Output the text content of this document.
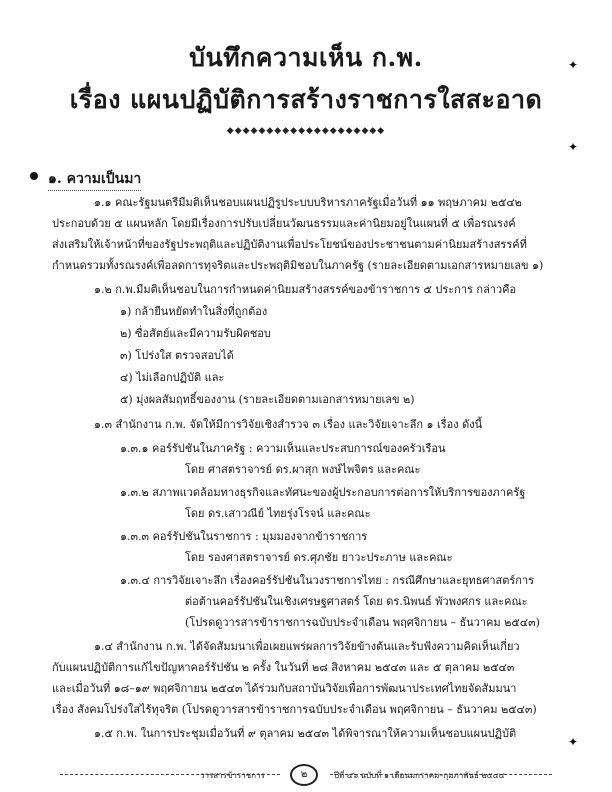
บันทึกความเห็น ก.พ.
เรื่อง แผนปฏิบัติการสร้างราชการใสสะอาด
◆◆◆◆◆◆◆◆◆◆◆◆◆◆◆◆◆◆◆◆
๑. ความเป็นมา
๑.๑ คณะรัฐมนตรีมีมติเห็นชอบแผนปฏิรูประบบบริหารภาครัฐเมื่อวันที่ ๑๑ พฤษภาคม ๒๕๔๒
ประกอบด้วย ๕ แผนหลัก โดยมีเรื่องการปรับเปลี่ยนวัฒนธรรมและค่านิยมอยู่ในแผนที่ ๕ เพื่อรณรงค์
ส่งเสริมให้เจ้าหน้าที่ของรัฐประพฤติและปฏิบัติงานเพื่อประโยชน์ของประชาชนตามค่านิยมสร้างสรรค์ที่
กำหนดรวมทั้งรณรงค์เพื่อลดการทุจริตและประพฤติมิชอบในภาครัฐ (รายละเอียดตามเอกสารหมายเลข ๑)
๑.๒ ก.พ.มีมติเห็นชอบในการกำหนดค่านิยมสร้างสรรค์ของข้าราชการ ๕ ประการ กล่าวคือ
๑) กล้ายืนหยัดทำในสิ่งที่ถูกต้อง
๒) ซื่อสัตย์และมีความรับผิดชอบ
๓) โปร่งใส ตรวจสอบได้
๔) ไม่เลือกปฏิบัติ และ
๕) มุ่งผลสัมฤทธิ์ของงาน (รายละเอียดตามเอกสารหมายเลข ๒)
๑.๓ สำนักงาน ก.พ. จัดให้มีการวิจัยเชิงสำรวจ ๓ เรื่อง และวิจัยเจาะลึก ๑ เรื่อง ดังนี้
๑.๓.๑ คอร์รัปชันในภาครัฐ : ความเห็นและประสบการณ์ของครัวเรือน
โดย ศาสตราจารย์ ดร.ผาสุก พงษ์ไพจิตร และคณะ
๑.๓.๒ สภาพแวดล้อมทางธุรกิจและทัศนะของผู้ประกอบการต่อการให้บริการของภาครัฐ
โดย ดร.เสาวณีย์ ไทยรุ่งโรจน์ และคณะ
๑.๓.๓ คอร์รัปชันในราชการ : มุมมองจากข้าราชการ
โดย รองศาสตราจารย์ ดร.ศุภชัย ยาวะประภาษ และคณะ
๑.๓.๔ การวิจัยเจาะลึก เรื่องคอร์รัปชันในวงราชการไทย : กรณีศึกษาและยุทธศาสตร์การ
ต่อต้านคอร์รัปชันในเชิงเศรษฐศาสตร์ โดย ดร.นิพนธ์ พัวพงศกร และคณะ
(โปรดดูวารสารข้าราชการฉบับประจำเดือน พฤศจิกายน – ธันวาคม ๒๕๔๓)
๑.๔ สำนักงาน ก.พ. ได้จัดสัมมนาเพื่อเผยแพร่ผลการวิจัยข้างต้นและรับฟังความคิดเห็นเกี่ยว
กับแผนปฏิบัติการแก้ไขปัญหาคอร์รัปชัน ๒ ครั้ง ในวันที่ ๒๘ สิงหาคม ๒๕๔๓ และ ๕ ตุลาคม ๒๕๔๓
และเมื่อวันที่ ๑๘–๑๙ พฤศจิกายน ๒๕๔๓ ได้ร่วมกับสถาบันวิจัยเพื่อการพัฒนาประเทศไทยจัดสัมมนา
เรื่อง สังคมโปร่งใสไร้ทุจริต (โปรดดูวารสารข้าราชการฉบับประจำเดือน พฤศจิกายน – ธันวาคม ๒๕๔๓)
๑.๕ ก.พ. ในการประชุมเมื่อวันที่ ๙ ตุลาคม ๒๕๔๓ ได้พิจารณาให้ความเห็นชอบแผนปฏิบัติ
✦
✦
✦
วารสารข้าราชการ	๒	ปีที่ ๔๖ ฉบับที่ ๑ เดือนมกราคม–กุมภาพันธ์ ๒๕๔๔
